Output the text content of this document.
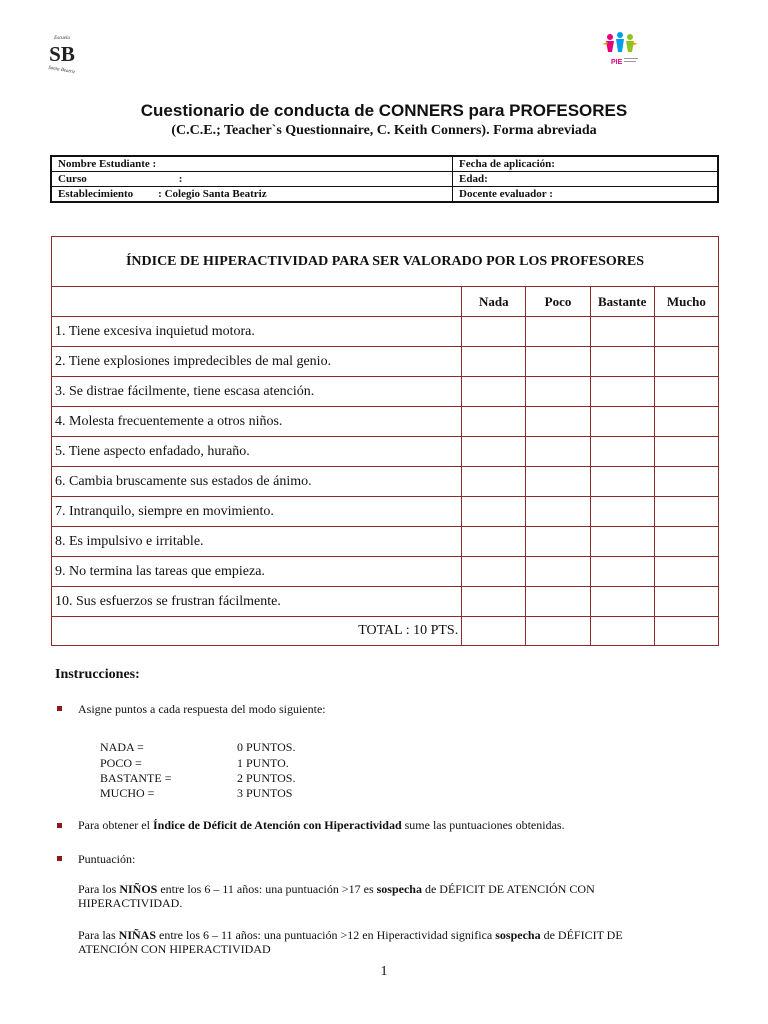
Escuela
SB
Santa Beatriz
PIE
Cuestionario de conducta de CONNERS para PROFESORES
(C.C.E.; Teacher`s Questionnaire, C. Keith Conners). Forma abreviada
Nombre Estudiante :	Fecha de aplicación:
Curso :	Edad:
Establecimiento : Colegio Santa Beatriz	Docente evaluador :
ÍNDICE DE HIPERACTIVIDAD PARA SER VALORADO POR LOS PROFESORES				
	Nada	Poco	Bastante	Mucho
1. Tiene excesiva inquietud motora.				
2. Tiene explosiones impredecibles de mal genio.				
3. Se distrae fácilmente, tiene escasa atención.				
4. Molesta frecuentemente a otros niños.				
5. Tiene aspecto enfadado, huraño.				
6. Cambia bruscamente sus estados de ánimo.				
7. Intranquilo, siempre en movimiento.				
8. Es impulsivo e irritable.				
9. No termina las tareas que empieza.				
10. Sus esfuerzos se frustran fácilmente.				
TOTAL : 10 PTS.				
Instrucciones:
Asigne puntos a cada respuesta del modo siguiente:
NADA =	0 PUNTOS.
POCO =	1 PUNTO.
BASTANTE =	2 PUNTOS.
MUCHO =	3 PUNTOS
Para obtener el Índice de Déficit de Atención con Hiperactividad sume las puntuaciones obtenidas.
Puntuación:
Para los NIÑOS entre los 6 – 11 años: una puntuación >17 es sospecha de DÉFICIT DE ATENCIÓN CON HIPERACTIVIDAD.
Para las NIÑAS entre los 6 – 11 años: una puntuación >12 en Hiperactividad significa sospecha de DÉFICIT DE ATENCIÓN CON HIPERACTIVIDAD
1
